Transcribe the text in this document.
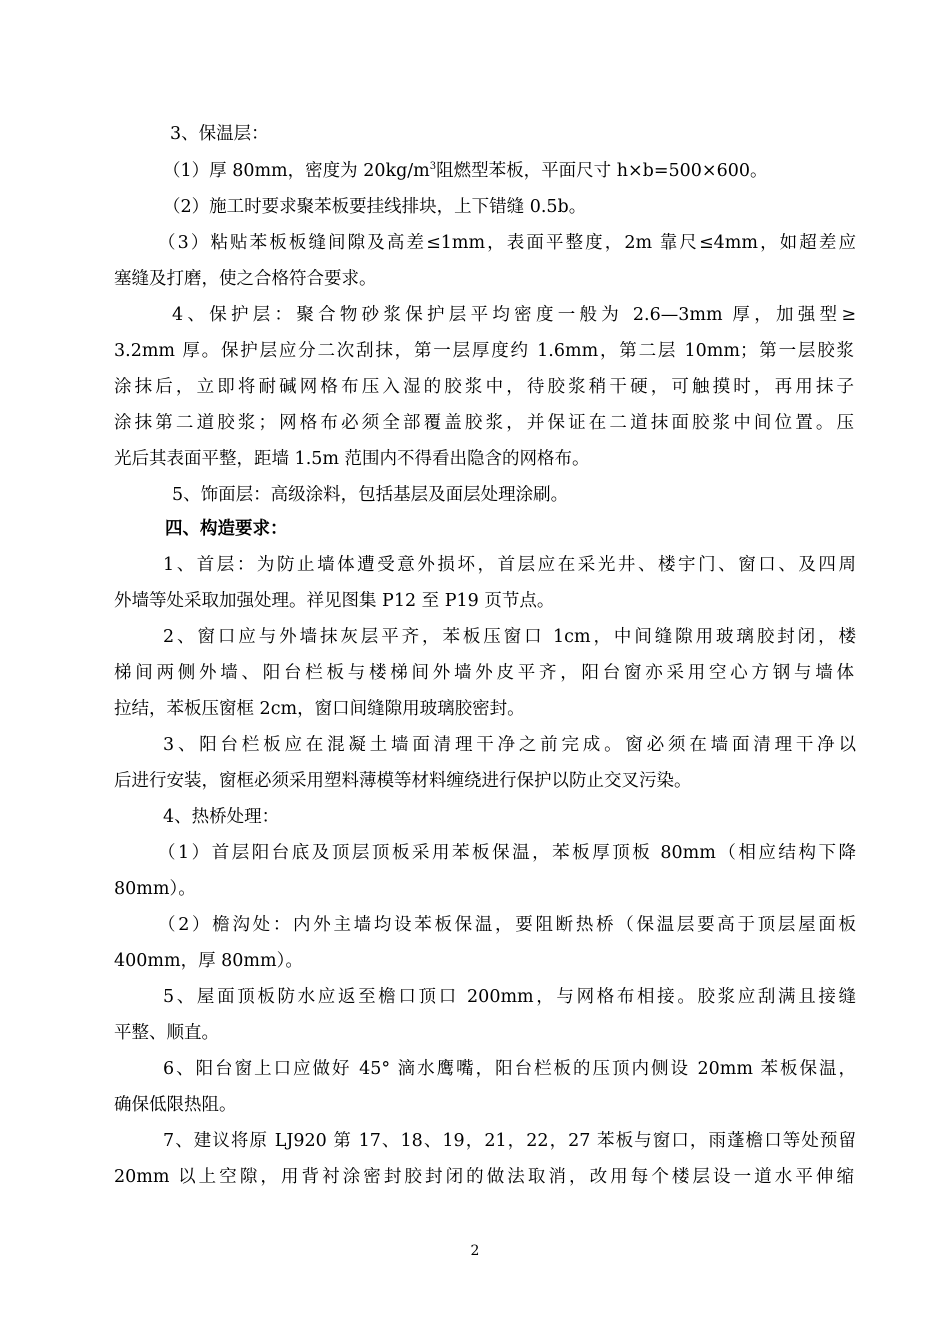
3、保温层：
（1）厚 80mm，密度为 $20kg/m^3$阻燃型苯板，平面尺寸 h×b=500×600。
（2）施工时要求聚苯板要挂线排块，上下错缝 0.5b。
（3）粘贴苯板板缝间隙及高差≤1mm，表面平整度，2m 靠尺≤4mm，如超差应
塞缝及打磨，使之合格符合要求。
4、保护层：聚合物砂浆保护层平均密度一般为 2.6—3mm 厚，加强型≥
3.2mm 厚。保护层应分二次刮抹，第一层厚度约 1.6mm，第二层 10mm；第一层胶浆
涂抹后，立即将耐碱网格布压入湿的胶浆中，待胶浆稍干硬，可触摸时，再用抹子
涂抹第二道胶浆；网格布必须全部覆盖胶浆，并保证在二道抹面胶浆中间位置。压
光后其表面平整，距墙 1.5m 范围内不得看出隐含的网格布。
5、饰面层：高级涂料，包括基层及面层处理涂刷。
四、构造要求：
1、首层：为防止墙体遭受意外损坏，首层应在采光井、楼宇门、窗口、及四周
外墙等处采取加强处理。祥见图集 P12 至 P19 页节点。
2、窗口应与外墙抹灰层平齐，苯板压窗口 1cm，中间缝隙用玻璃胶封闭，楼
梯间两侧外墙、阳台栏板与楼梯间外墙外皮平齐，阳台窗亦采用空心方钢与墙体
拉结，苯板压窗框 2cm，窗口间缝隙用玻璃胶密封。
3、阳台栏板应在混凝土墙面清理干净之前完成。窗必须在墙面清理干净以
后进行安装，窗框必须采用塑料薄模等材料缠绕进行保护以防止交叉污染。
4、热桥处理：
（1）首层阳台底及顶层顶板采用苯板保温，苯板厚顶板 80mm（相应结构下降
80mm）。
（2）檐沟处：内外主墙均设苯板保温，要阻断热桥（保温层要高于顶层屋面板
400mm，厚 80mm）。
5、屋面顶板防水应返至檐口顶口 200mm，与网格布相接。胶浆应刮满且接缝
平整、顺直。
6、阳台窗上口应做好 45° 滴水鹰嘴，阳台栏板的压顶内侧设 20mm 苯板保温，
确保低限热阻。
7、建议将原 LJ920 第 17、18、19，21，22，27 苯板与窗口，雨蓬檐口等处预留
20mm 以上空隙，用背衬涂密封胶封闭的做法取消，改用每个楼层设一道水平伸缩
2
